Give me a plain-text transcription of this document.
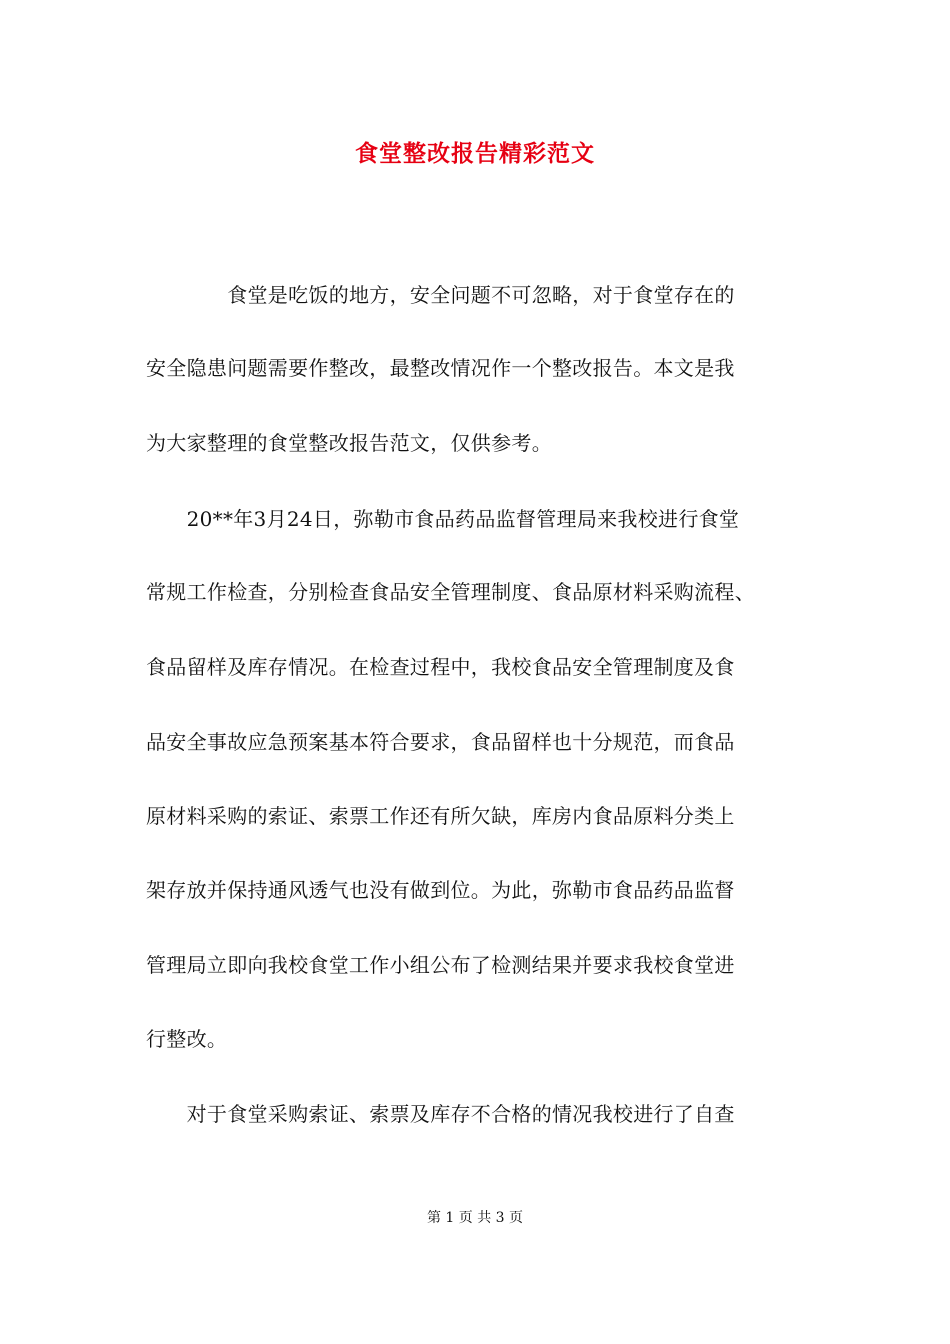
食堂整改报告精彩范文
　　　　食堂是吃饭的地方，安全问题不可忽略，对于食堂存在的
安全隐患问题需要作整改，最整改情况作一个整改报告。本文是我
为大家整理的食堂整改报告范文，仅供参考。
　　20**年3月24日，弥勒市食品药品监督管理局来我校进行食堂
常规工作检查，分别检查食品安全管理制度、食品原材料采购流程、
食品留样及库存情况。在检查过程中，我校食品安全管理制度及食
品安全事故应急预案基本符合要求，食品留样也十分规范，而食品
原材料采购的索证、索票工作还有所欠缺，库房内食品原料分类上
架存放并保持通风透气也没有做到位。为此，弥勒市食品药品监督
管理局立即向我校食堂工作小组公布了检测结果并要求我校食堂进
行整改。
　　对于食堂采购索证、索票及库存不合格的情况我校进行了自查
第 1 页 共 3 页
